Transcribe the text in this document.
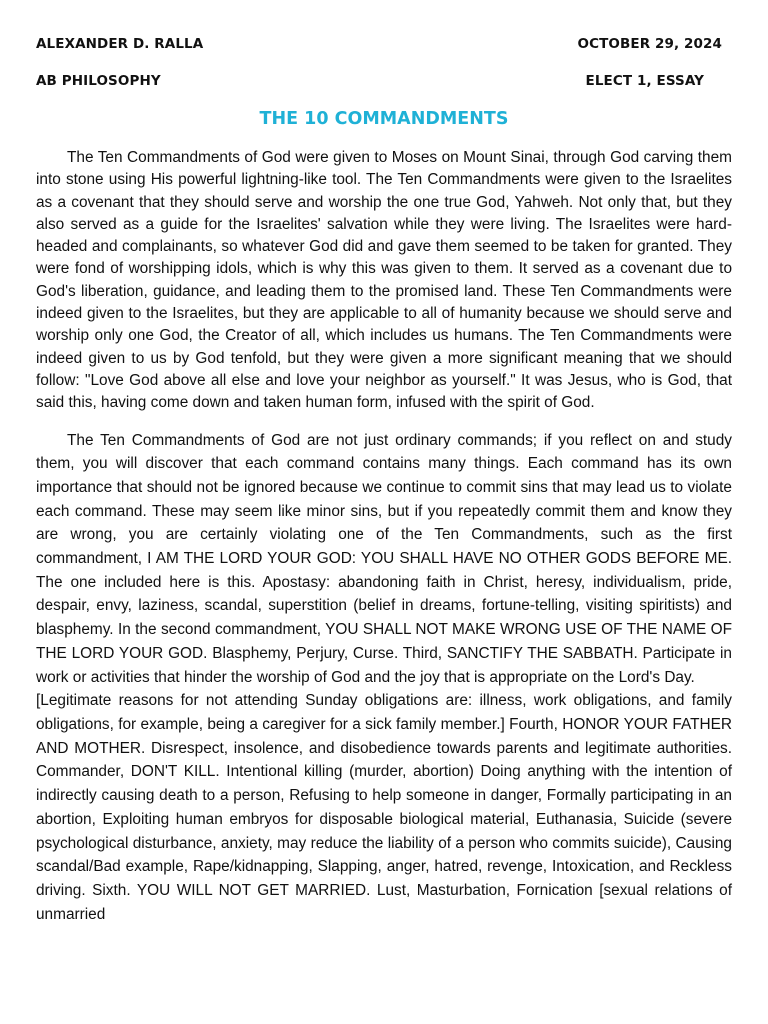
ALEXANDER D. RALLA	OCTOBER 29, 2024
AB PHILOSOPHY	ELECT 1, ESSAY
THE 10 COMMANDMENTS

The Ten Commandments of God were given to Moses on Mount Sinai, through God carving them into stone using His powerful lightning-like tool. The Ten Commandments were given to the Israelites as a covenant that they should serve and worship the one true God, Yahweh. Not only that, but they also served as a guide for the Israelites' salvation while they were living. The Israelites were hard-headed and complainants, so whatever God did and gave them seemed to be taken for granted. They were fond of worshipping idols, which is why this was given to them. It served as a covenant due to God's liberation, guidance, and leading them to the promised land. These Ten Commandments were indeed given to the Israelites, but they are applicable to all of humanity because we should serve and worship only one God, the Creator of all, which includes us humans. The Ten Commandments were indeed given to us by God tenfold, but they were given a more significant meaning that we should follow: "Love God above all else and love your neighbor as yourself." It was Jesus, who is God, that said this, having come down and taken human form, infused with the spirit of God.

The Ten Commandments of God are not just ordinary commands; if you reflect on and study them, you will discover that each command contains many things. Each command has its own importance that should not be ignored because we continue to commit sins that may lead us to violate each command. These may seem like minor sins, but if you repeatedly commit them and know they are wrong, you are certainly violating one of the Ten Commandments, such as the first commandment, I AM THE LORD YOUR GOD: YOU SHALL HAVE NO OTHER GODS BEFORE ME. The one included here is this. Apostasy: abandoning faith in Christ, heresy, individualism, pride, despair, envy, laziness, scandal, superstition (belief in dreams, fortune-telling, visiting spiritists) and blasphemy. In the second commandment, YOU SHALL NOT MAKE WRONG USE OF THE NAME OF THE LORD YOUR GOD. Blasphemy, Perjury, Curse. Third, SANCTIFY THE SABBATH. Participate in work or activities that hinder the worship of God and the joy that is appropriate on the Lord's Day.

[Legitimate reasons for not attending Sunday obligations are: illness, work obligations, and family obligations, for example, being a caregiver for a sick family member.] Fourth, HONOR YOUR FATHER AND MOTHER. Disrespect, insolence, and disobedience towards parents and legitimate authorities. Commander, DON'T KILL. Intentional killing (murder, abortion) Doing anything with the intention of indirectly causing death to a person, Refusing to help someone in danger, Formally participating in an abortion, Exploiting human embryos for disposable biological material, Euthanasia, Suicide (severe psychological disturbance, anxiety, may reduce the liability of a person who commits suicide), Causing scandal/Bad example, Rape/kidnapping, Slapping, anger, hatred, revenge, Intoxication, and Reckless driving. Sixth. YOU WILL NOT GET MARRIED. Lust, Masturbation, Fornication [sexual relations of unmarried
